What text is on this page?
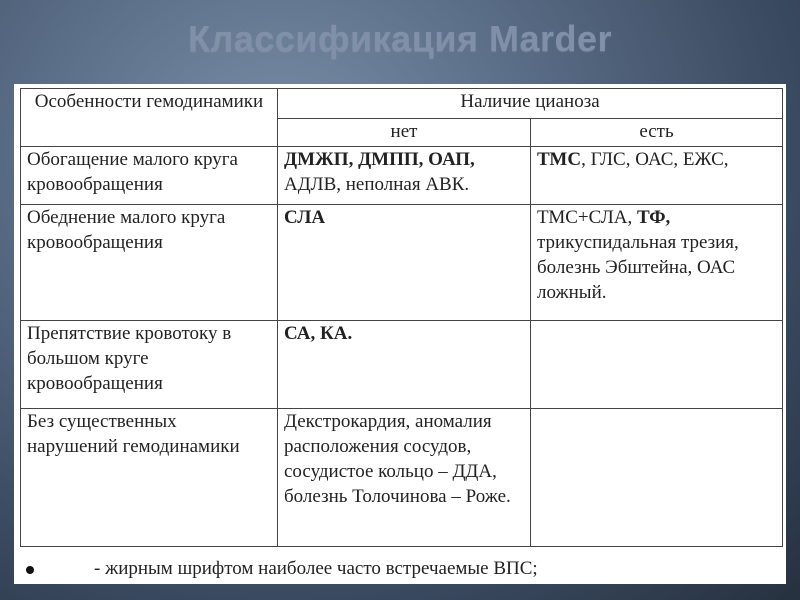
Классификация Marder
Особенности гемодинамики	Наличие цианоза	
	нет	есть
Обогащение малого круга кровообращения	ДМЖП, ДМПП, ОАП, АДЛВ, неполная АВК.	ТМС, ГЛС, ОАС, ЕЖС,
Обеднение малого круга кровообращения	СЛА	ТМС+СЛА, ТФ, трикуспидальная трезия, болезнь Эбштейна, ОАС ложный.
Препятствие кровотоку в большом круге кровообращения	СА, КА.	
Без существенных нарушений гемодинамики	Декстрокардия, аномалия расположения сосудов, сосудистое кольцо – ДДА, болезнь Толочинова – Роже.	
- жирным шрифтом наиболее часто встречаемые ВПС;
